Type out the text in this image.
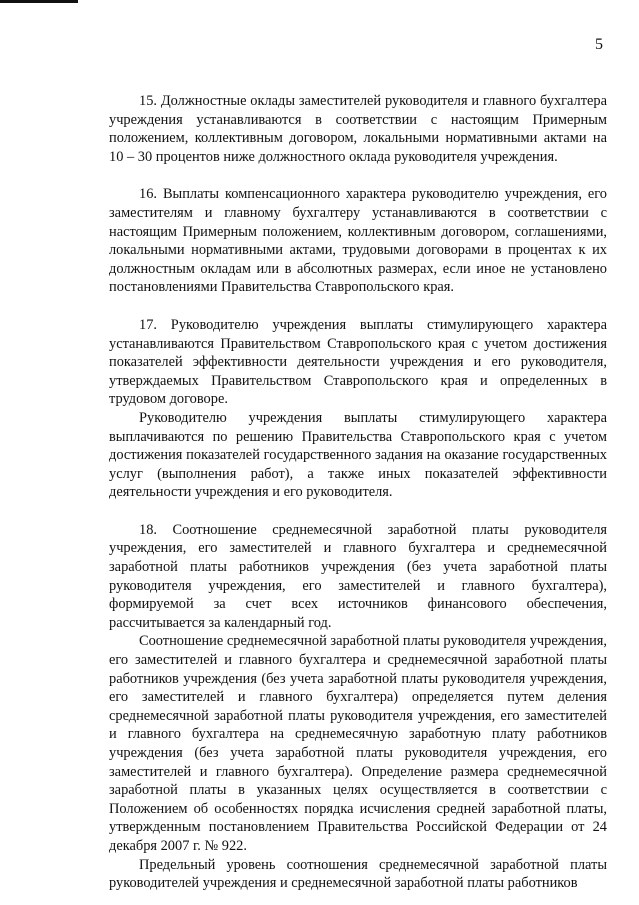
5

15. Должностные оклады заместителей руководителя и главного бухгалтера учреждения устанавливаются в соответствии с настоящим Примерным положением, коллективным договором, локальными нормативными актами на 10 – 30 процентов ниже должностного оклада руководителя учреждения.

16. Выплаты компенсационного характера руководителю учреждения, его заместителям и главному бухгалтеру устанавливаются в соответствии с настоящим Примерным положением, коллективным договором, соглашениями, локальными нормативными актами, трудовыми договорами в процентах к их должностным окладам или в абсолютных размерах, если иное не установлено постановлениями Правительства Ставропольского края.

17. Руководителю учреждения выплаты стимулирующего характера устанавливаются Правительством Ставропольского края с учетом достижения показателей эффективности деятельности учреждения и его руководителя, утверждаемых Правительством Ставропольского края и определенных в трудовом договоре.

Руководителю учреждения выплаты стимулирующего характера выплачиваются по решению Правительства Ставропольского края с учетом достижения показателей государственного задания на оказание государственных услуг (выполнения работ), а также иных показателей эффективности деятельности учреждения и его руководителя.

18. Соотношение среднемесячной заработной платы руководителя учреждения, его заместителей и главного бухгалтера и среднемесячной заработной платы работников учреждения (без учета заработной платы руководителя учреждения, его заместителей и главного бухгалтера), формируемой за счет всех источников финансового обеспечения, рассчитывается за календарный год.

Соотношение среднемесячной заработной платы руководителя учреждения, его заместителей и главного бухгалтера и среднемесячной заработной платы работников учреждения (без учета заработной платы руководителя учреждения, его заместителей и главного бухгалтера) определяется путем деления среднемесячной заработной платы руководителя учреждения, его заместителей и главного бухгалтера на среднемесячную заработную плату работников учреждения (без учета заработной платы руководителя учреждения, его заместителей и главного бухгалтера). Определение размера среднемесячной заработной платы в указанных целях осуществляется в соответствии с Положением об особенностях порядка исчисления средней заработной платы, утвержденным постановлением Правительства Российской Федерации от 24 декабря 2007 г. № 922.

Предельный уровень соотношения среднемесячной заработной платы руководителей учреждения и среднемесячной заработной платы работников
